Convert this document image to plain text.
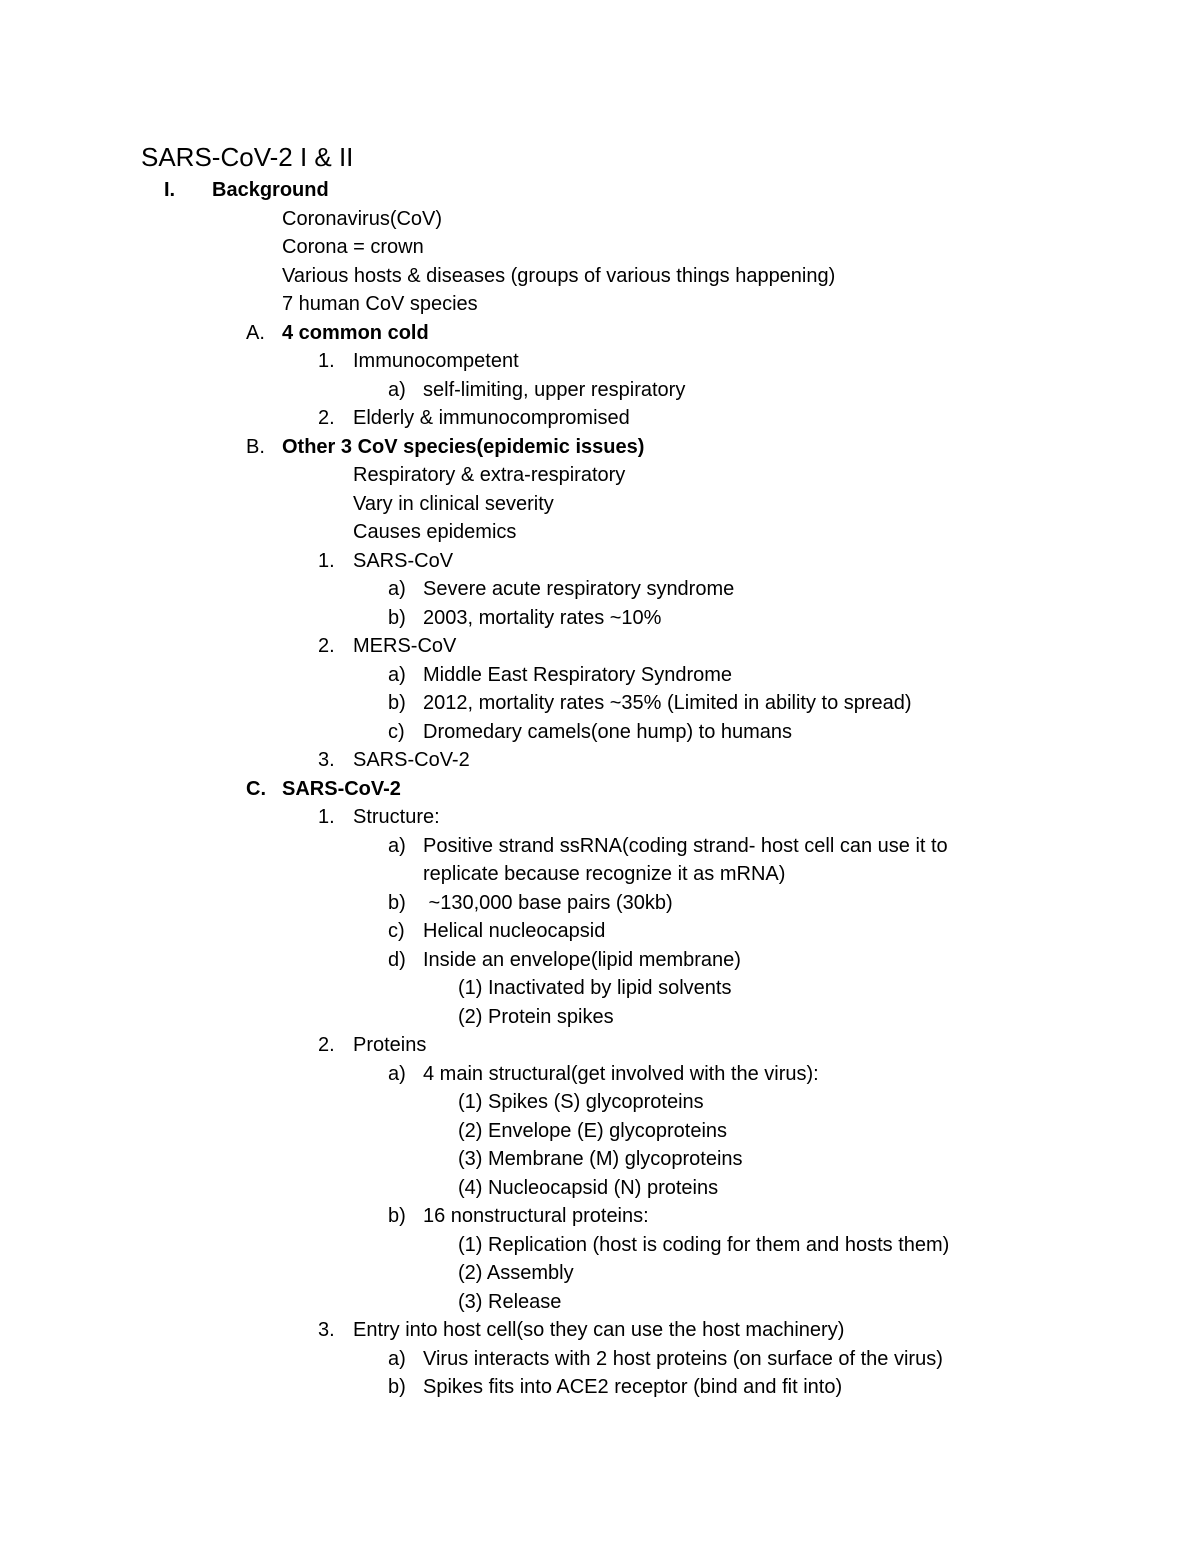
SARS-CoV-2 I & II
I. Background
Coronavirus(CoV)
Corona = crown
Various hosts & diseases (groups of various things happening)
7 human CoV species
A. 4 common cold
1. Immunocompetent
a) self-limiting, upper respiratory
2. Elderly & immunocompromised
B. Other 3 CoV species(epidemic issues)
Respiratory & extra-respiratory
Vary in clinical severity
Causes epidemics
1. SARS-CoV
a) Severe acute respiratory syndrome
b) 2003, mortality rates ~10%
2. MERS-CoV
a) Middle East Respiratory Syndrome
b) 2012, mortality rates ~35% (Limited in ability to spread)
c) Dromedary camels(one hump) to humans
3. SARS-CoV-2
C. SARS-CoV-2
1. Structure:
a) Positive strand ssRNA(coding strand- host cell can use it to
replicate because recognize it as mRNA)
b) ~130,000 base pairs (30kb)
c) Helical nucleocapsid
d) Inside an envelope(lipid membrane)
(1) Inactivated by lipid solvents
(2) Protein spikes
2. Proteins
a) 4 main structural(get involved with the virus):
(1) Spikes (S) glycoproteins
(2) Envelope (E) glycoproteins
(3) Membrane (M) glycoproteins
(4) Nucleocapsid (N) proteins
b) 16 nonstructural proteins:
(1) Replication (host is coding for them and hosts them)
(2) Assembly
(3) Release
3. Entry into host cell(so they can use the host machinery)
a) Virus interacts with 2 host proteins (on surface of the virus)
b) Spikes fits into ACE2 receptor (bind and fit into)
